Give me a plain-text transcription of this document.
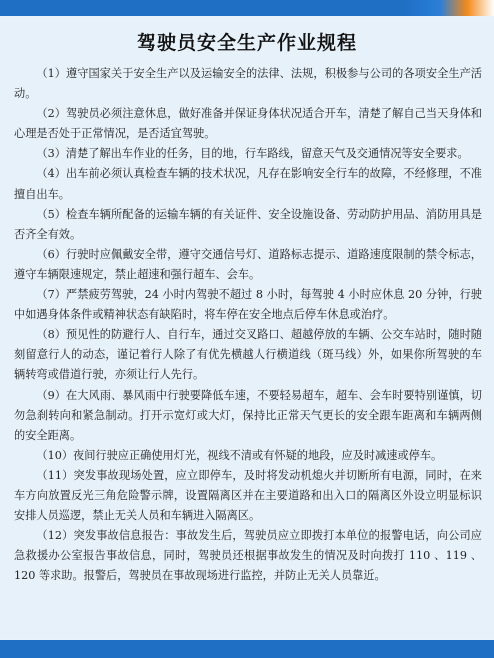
驾驶员安全生产作业规程

（1）遵守国家关于安全生产以及运输安全的法律、法规，积极参与公司的各项安全生产活动。

（2）驾驶员必须注意休息，做好准备并保证身体状况适合开车，清楚了解自己当天身体和心理是否处于正常情况，是否适宜驾驶。

（3）清楚了解出车作业的任务，目的地，行车路线，留意天气及交通情况等安全要求。

（4）出车前必须认真检查车辆的技术状况，凡存在影响安全行车的故障，不经修理，不准擅自出车。

（5）检查车辆所配备的运输车辆的有关证件、安全设施设备、劳动防护用品、消防用具是否齐全有效。

（6）行驶时应佩戴安全带，遵守交通信号灯、道路标志提示、道路速度限制的禁令标志，遵守车辆限速规定，禁止超速和强行超车、会车。

（7）严禁疲劳驾驶，24 小时内驾驶不超过 8 小时，每驾驶 4 小时应休息 20 分钟，行驶中如遇身体条件或精神状态有缺陷时，将车停在安全地点后停车休息或治疗。

（8）预见性的防避行人、自行车，通过交叉路口、超越停放的车辆、公交车站时，随时随刻留意行人的动态，谨记着行人除了有优先横越人行横道线（斑马线）外，如果你所驾驶的车辆转弯或借道行驶，亦须让行人先行。

（9）在大风雨、暴风雨中行驶要降低车速，不要轻易超车，超车、会车时要特别谨慎，切勿急刹转向和紧急制动。打开示宽灯或大灯，保持比正常天气更长的安全跟车距离和车辆两侧的安全距离。

（10）夜间行驶应正确使用灯光，视线不清或有怀疑的地段，应及时减速或停车。

（11）突发事故现场处置，应立即停车，及时将发动机熄火并切断所有电源，同时，在来车方向放置反光三角危险警示牌，设置隔离区并在主要道路和出入口的隔离区外设立明显标识安排人员巡逻，禁止无关人员和车辆进入隔离区。

（12）突发事故信息报告：事故发生后，驾驶员应立即拨打本单位的报警电话，向公司应急救援办公室报告事故信息，同时，驾驶员还根据事故发生的情况及时向拨打 110 、119 、120 等求助。报警后，驾驶员在事故现场进行监控，并防止无关人员靠近。
